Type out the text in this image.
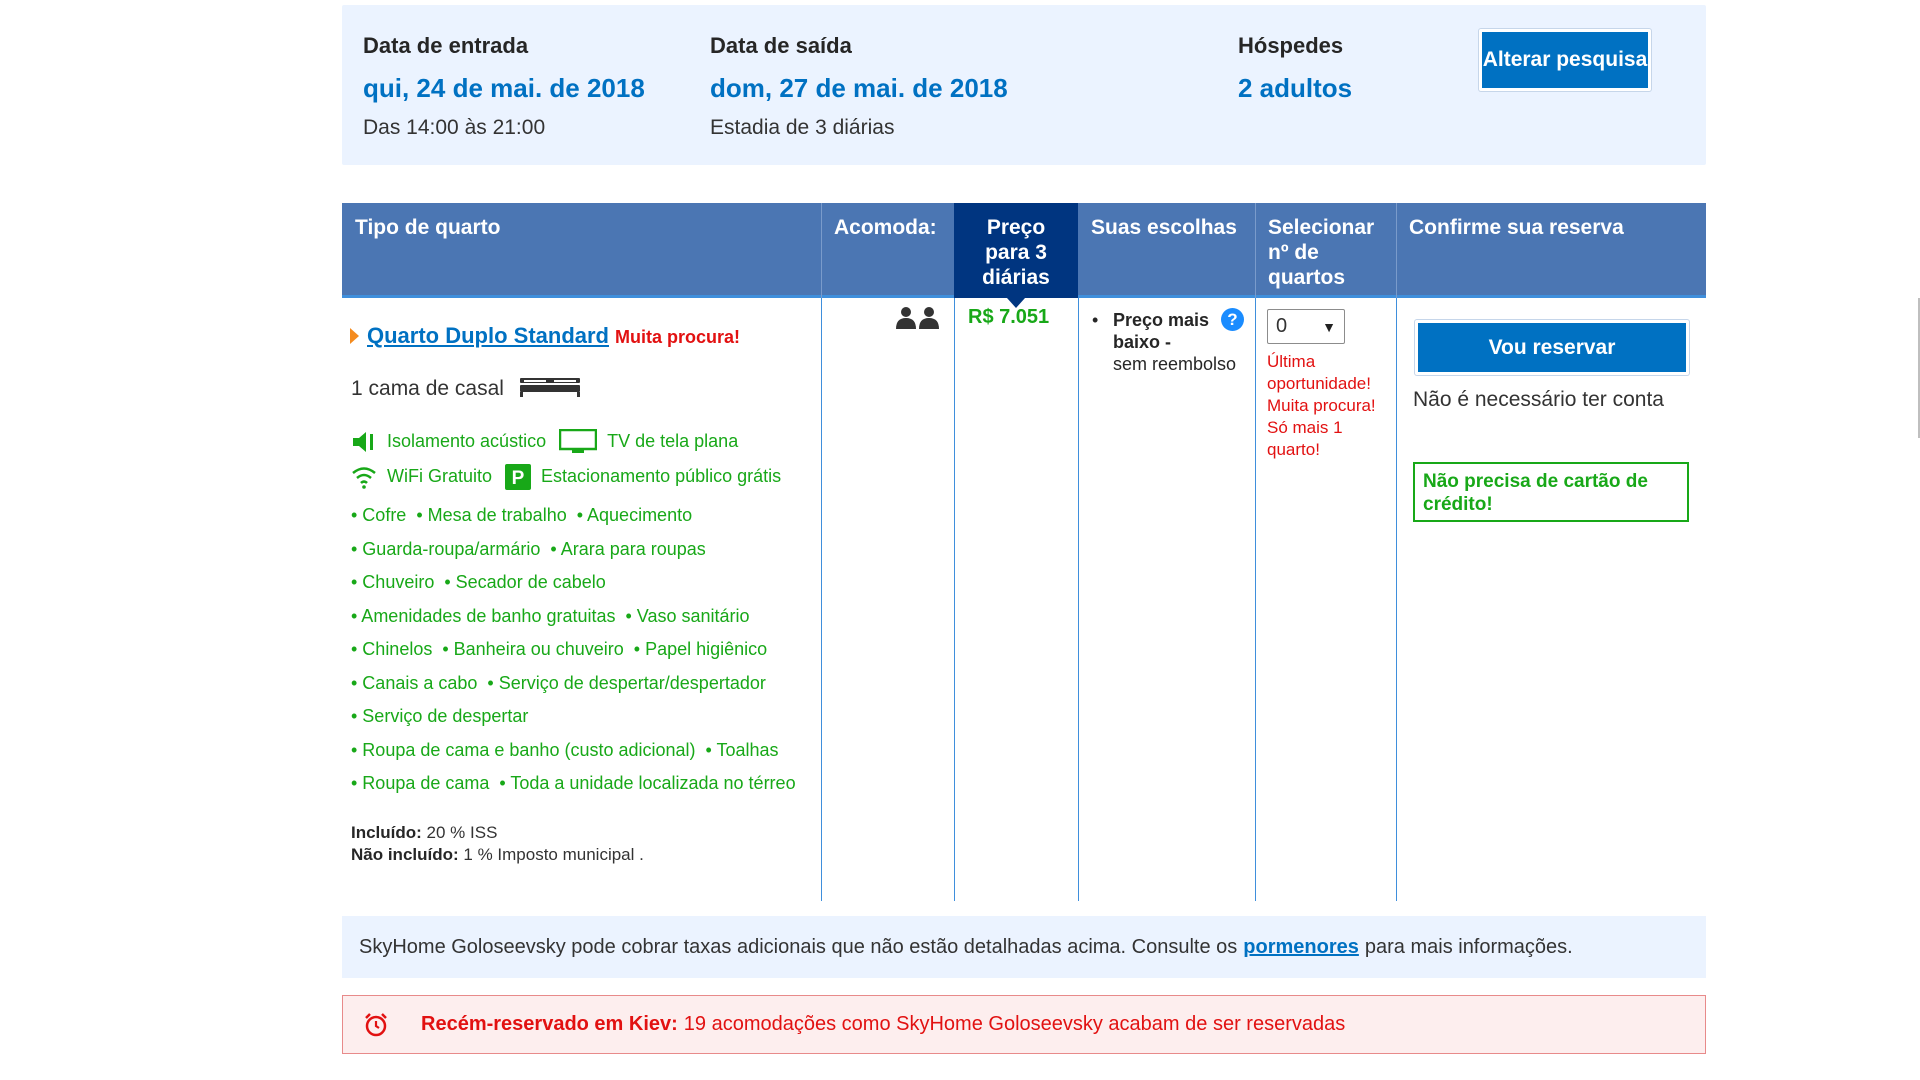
Data de entrada
qui, 24 de mai. de 2018
Das 14:00 às 21:00
Data de saída
dom, 27 de mai. de 2018
Estadia de 3 diárias
Hóspedes
2 adultos
Alterar pesquisa
Tipo de quarto	Acomoda:	Preço
para 3
diárias
Suas escolhas	Selecionar
nº de
quartos
Confirme sua reserva
Quarto Duplo Standard Muita procura!
1 cama de casal
Isolamento acústico	TV de tela plana
WiFi Gratuito P Estacionamento público grátis
• Cofre • Mesa de trabalho • Aquecimento
• Guarda-roupa/armário • Arara para roupas
• Chuveiro • Secador de cabelo
• Amenidades de banho gratuitas • Vaso sanitário
• Chinelos • Banheira ou chuveiro • Papel higiênico
• Canais a cabo • Serviço de despertar/despertador
• Serviço de despertar
• Roupa de cama e banho (custo adicional) • Toalhas
• Roupa de cama • Toda a unidade localizada no térreo
Incluído: 20 % ISS
Não incluído: 1 % Imposto municipal .
R$ 7.051
•	Preço mais baixo -
sem reembolso
?	0	▼
Última oportunidade! Muita procura! Só mais 1 quarto!
Vou reservar
Não é necessário ter conta
Não precisa de cartão de crédito!
SkyHome Goloseevsky pode cobrar taxas adicionais que não estão detalhadas acima. Consulte os pormenores para mais informações.
Recém-reservado em Kiev: 19 acomodações como SkyHome Goloseevsky acabam de ser reservadas
